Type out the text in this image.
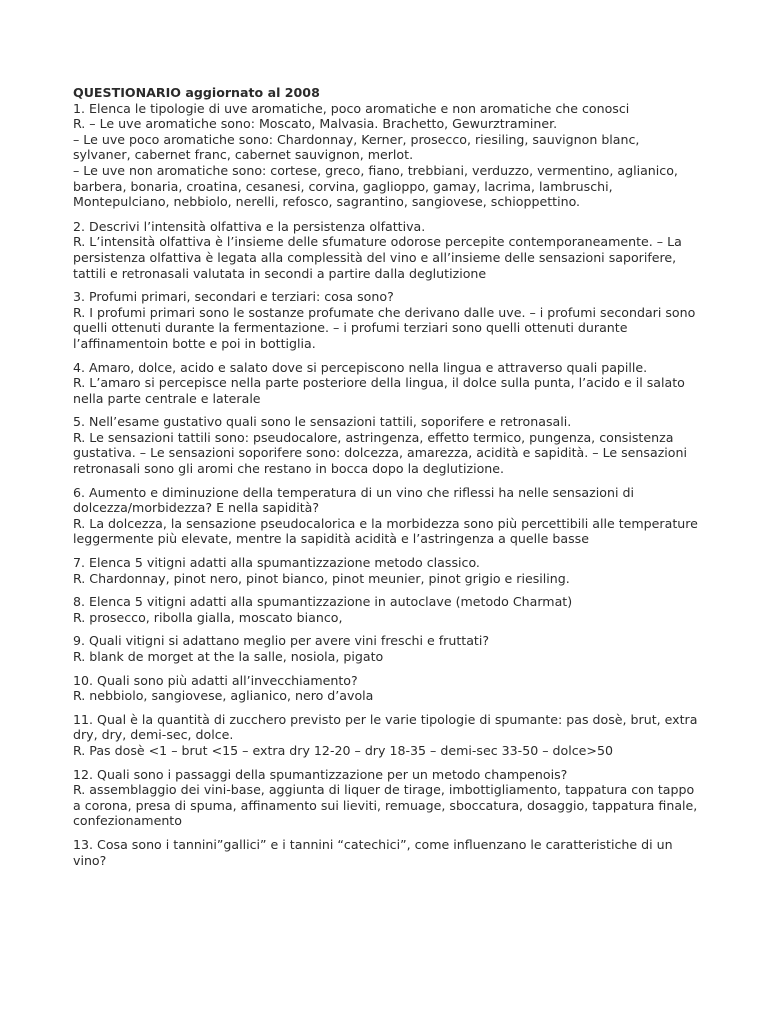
QUESTIONARIO aggiornato al 2008

1. Elenca le tipologie di uve aromatiche, poco aromatiche e non aromatiche che conosci

R. – Le uve aromatiche sono: Moscato, Malvasia. Brachetto, Gewurztraminer.

– Le uve poco aromatiche sono: Chardonnay, Kerner, prosecco, riesiling, sauvignon blanc, sylvaner, cabernet franc, cabernet sauvignon, merlot.

– Le uve non aromatiche sono: cortese, greco, fiano, trebbiani, verduzzo, vermentino, aglianico, barbera, bonaria, croatina, cesanesi, corvina, gaglioppo, gamay, lacrima, lambruschi, Montepulciano, nebbiolo, nerelli, refosco, sagrantino, sangiovese, schioppettino.

2. Descrivi l’intensità olfattiva e la persistenza olfattiva.

R. L’intensità olfattiva è l’insieme delle sfumature odorose percepite contemporaneamente. – La persistenza olfattiva è legata alla complessità del vino e all’insieme delle sensazioni saporifere, tattili e retronasali valutata in secondi a partire dalla deglutizione

3. Profumi primari, secondari e terziari: cosa sono?

R. I profumi primari sono le sostanze profumate che derivano dalle uve. – i profumi secondari sono quelli ottenuti durante la fermentazione. – i profumi terziari sono quelli ottenuti durante l’affinamentoin botte e poi in bottiglia.

4. Amaro, dolce, acido e salato dove si percepiscono nella lingua e attraverso quali papille.

R. L’amaro si percepisce nella parte posteriore della lingua, il dolce sulla punta, l’acido e il salato nella parte centrale e laterale

5. Nell’esame gustativo quali sono le sensazioni tattili, soporifere e retronasali.

R. Le sensazioni tattili sono: pseudocalore, astringenza, effetto termico, pungenza, consistenza gustativa. – Le sensazioni soporifere sono: dolcezza, amarezza, acidità e sapidità. – Le sensazioni retronasali sono gli aromi che restano in bocca dopo la deglutizione.

6. Aumento e diminuzione della temperatura di un vino che riflessi ha nelle sensazioni di dolcezza/morbidezza? E nella sapidità?

R. La dolcezza, la sensazione pseudocalorica e la morbidezza sono più percettibili alle temperature leggermente più elevate, mentre la sapidità acidità e l’astringenza a quelle basse

7. Elenca 5 vitigni adatti alla spumantizzazione metodo classico.

R. Chardonnay, pinot nero, pinot bianco, pinot meunier, pinot grigio e riesiling.

8. Elenca 5 vitigni adatti alla spumantizzazione in autoclave (metodo Charmat)

R. prosecco, ribolla gialla, moscato bianco,

9. Quali vitigni si adattano meglio per avere vini freschi e fruttati?

R. blank de morget at the la salle, nosiola, pigato

10. Quali sono più adatti all’invecchiamento?

R. nebbiolo, sangiovese, aglianico, nero d’avola

11. Qual è la quantità di zucchero previsto per le varie tipologie di spumante: pas dosè, brut, extra dry, dry, demi-sec, dolce.

R. Pas dosè <1 – brut <15 – extra dry 12-20 – dry 18-35 – demi-sec 33-50 – dolce>50

12. Quali sono i passaggi della spumantizzazione per un metodo champenois?

R. assemblaggio dei vini-base, aggiunta di liquer de tirage, imbottigliamento, tappatura con tappo a corona, presa di spuma, affinamento sui lieviti, remuage, sboccatura, dosaggio, tappatura finale, confezionamento

13. Cosa sono i tannini”gallici” e i tannini “catechici”, come influenzano le caratteristiche di un vino?
